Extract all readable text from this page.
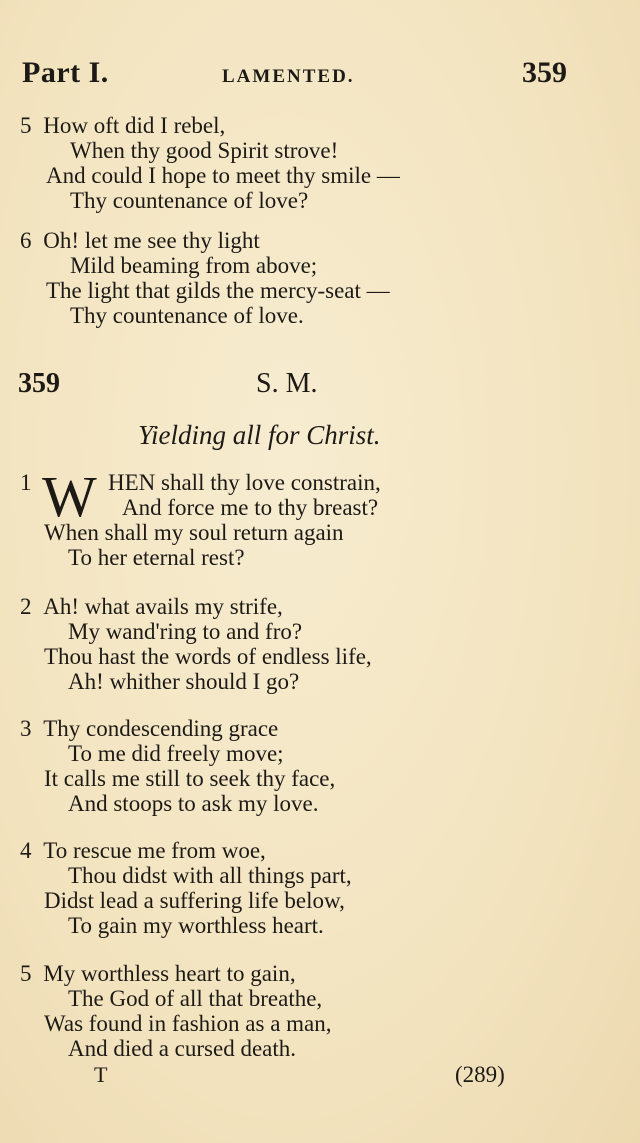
Part I.	LAMENTED.	359
5 How oft did I rebel,
When thy good Spirit strove!
And could I hope to meet thy smile —
Thy countenance of love?
6 Oh! let me see thy light
Mild beaming from above;
The light that gilds the mercy-seat —
Thy countenance of love.
359	S. M.
Yielding all for Christ.
1 W HEN shall thy love constrain,
And force me to thy breast?
When shall my soul return again
To her eternal rest?
2 Ah! what avails my strife,
My wand'ring to and fro?
Thou hast the words of endless life,
Ah! whither should I go?
3 Thy condescending grace
To me did freely move;
It calls me still to seek thy face,
And stoops to ask my love.
4 To rescue me from woe,
Thou didst with all things part,
Didst lead a suffering life below,
To gain my worthless heart.
5 My worthless heart to gain,
The God of all that breathe,
Was found in fashion as a man,
And died a cursed death.
T	(289)
